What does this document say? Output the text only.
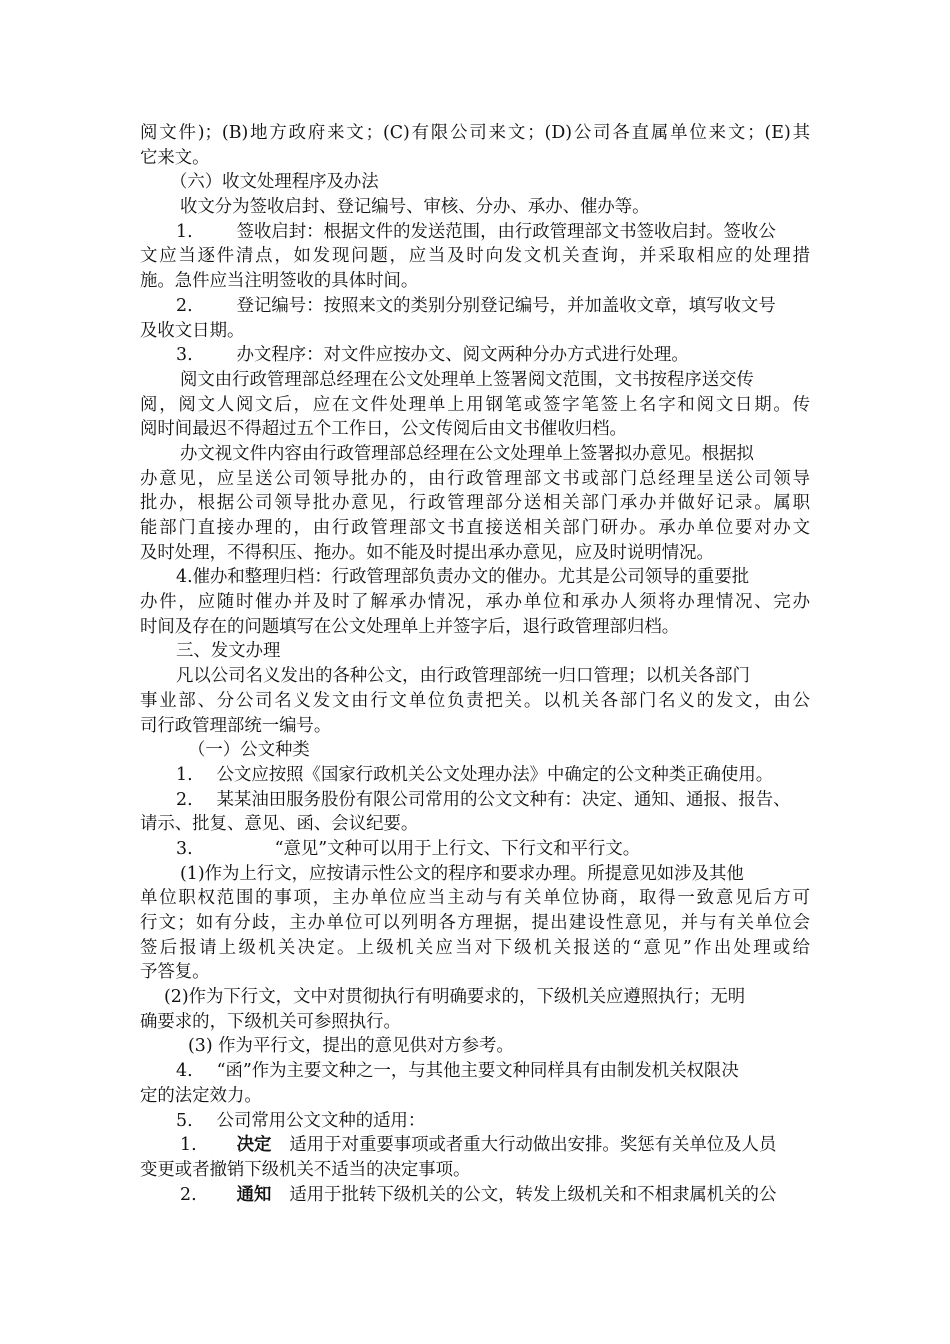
阅文件)；(B)地方政府来文；(C)有限公司来文；(D)公司各直属单位来文；(E)其
它来文。
（六）收文处理程序及办法
收文分为签收启封、登记编号、审核、分办、承办、催办等。
1.	签收启封：根据文件的发送范围，由行政管理部文书签收启封。签收公
文应当逐件清点，如发现问题，应当及时向发文机关查询，并采取相应的处理措
施。急件应当注明签收的具体时间。
2.	登记编号：按照来文的类别分别登记编号，并加盖收文章，填写收文号
及收文日期。
3.	办文程序：对文件应按办文、阅文两种分办方式进行处理。
阅文由行政管理部总经理在公文处理单上签署阅文范围，文书按程序送交传
阅，阅文人阅文后，应在文件处理单上用钢笔或签字笔签上名字和阅文日期。传
阅时间最迟不得超过五个工作日，公文传阅后由文书催收归档。
办文视文件内容由行政管理部总经理在公文处理单上签署拟办意见。根据拟
办意见，应呈送公司领导批办的，由行政管理部文书或部门总经理呈送公司领导
批办，根据公司领导批办意见，行政管理部分送相关部门承办并做好记录。属职
能部门直接办理的，由行政管理部文书直接送相关部门研办。承办单位要对办文
及时处理，不得积压、拖办。如不能及时提出承办意见，应及时说明情况。
4.催办和整理归档：行政管理部负责办文的催办。尤其是公司领导的重要批
办件，应随时催办并及时了解承办情况，承办单位和承办人须将办理情况、完办
时间及存在的问题填写在公文处理单上并签字后，退行政管理部归档。
三、发文办理
凡以公司名义发出的各种公文，由行政管理部统一归口管理；以机关各部门
事业部、分公司名义发文由行文单位负责把关。以机关各部门名义的发文，由公
司行政管理部统一编号。
（一）公文种类
1. 公文应按照《国家行政机关公文处理办法》中确定的公文种类正确使用。
2. 某某油田服务股份有限公司常用的公文文种有：决定、通知、通报、报告、
请示、批复、意见、函、会议纪要。
3.	“意见”文种可以用于上行文、下行文和平行文。
(1)作为上行文，应按请示性公文的程序和要求办理。所提意见如涉及其他
单位职权范围的事项，主办单位应当主动与有关单位协商，取得一致意见后方可
行文；如有分歧，主办单位可以列明各方理据，提出建设性意见，并与有关单位会
签后报请上级机关决定。上级机关应当对下级机关报送的“意见”作出处理或给
予答复。
(2)作为下行文，文中对贯彻执行有明确要求的，下级机关应遵照执行；无明
确要求的，下级机关可参照执行。
(3) 作为平行文，提出的意见供对方参考。
4. “函”作为主要文种之一，与其他主要文种同样具有由制发机关权限决
定的法定效力。
5. 公司常用公文文种的适用：
1. 决定 适用于对重要事项或者重大行动做出安排。奖惩有关单位及人员
变更或者撤销下级机关不适当的决定事项。
2. 通知 适用于批转下级机关的公文，转发上级机关和不相隶属机关的公
